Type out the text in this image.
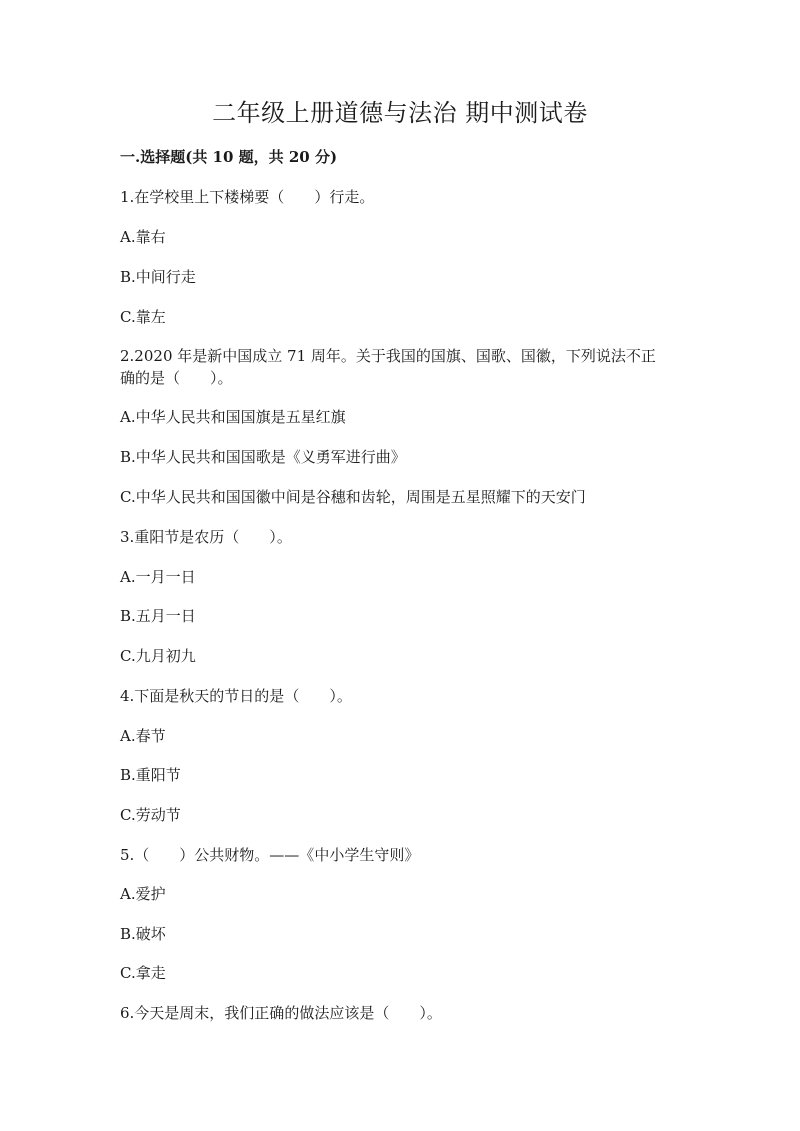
二年级上册道德与法治 期中测试卷
一.选择题(共 10 题，共 20 分)
1.在学校里上下楼梯要（　　）行走。
A.靠右
B.中间行走
C.靠左
2.2020 年是新中国成立 71 周年。关于我国的国旗、国歌、国徽，下列说法不正确的是（　　）。
A.中华人民共和国国旗是五星红旗
B.中华人民共和国国歌是《义勇军进行曲》
C.中华人民共和国国徽中间是谷穗和齿轮，周围是五星照耀下的天安门
3.重阳节是农历（　　）。
A.一月一日
B.五月一日
C.九月初九
4.下面是秋天的节日的是（　　）。
A.春节
B.重阳节
C.劳动节
5.（　　）公共财物。——《中小学生守则》
A.爱护
B.破坏
C.拿走
6.今天是周末，我们正确的做法应该是（　　）。
